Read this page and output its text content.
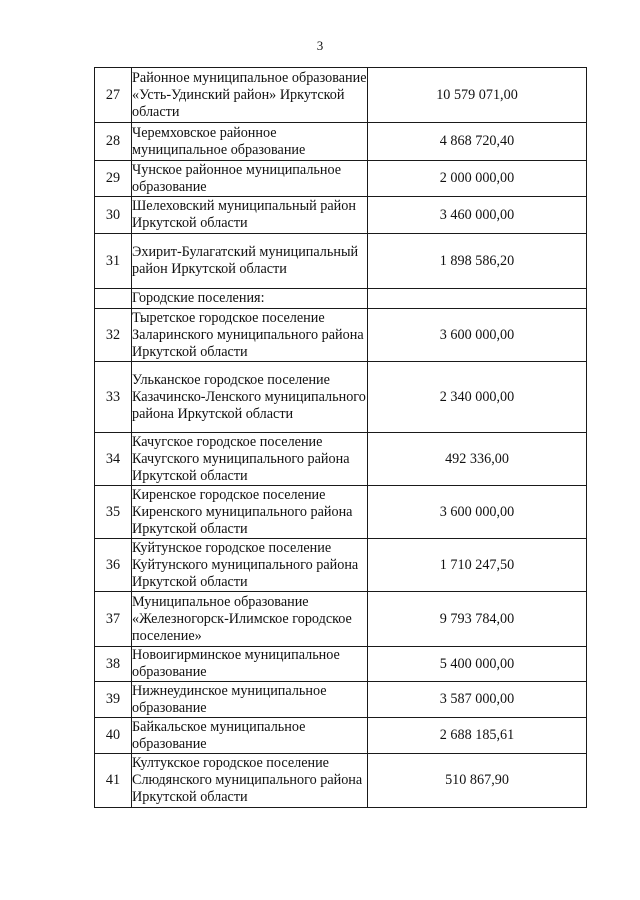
3
27	Районное муниципальное образование «Усть-Удинский район» Иркутской области	10 579 071,00
28	Черемховское районное муниципальное образование	4 868 720,40
29	Чунское районное муниципальное образование	2 000 000,00
30	Шелеховский муниципальный район Иркутской области	3 460 000,00
31	Эхирит-Булагатский муниципальный район Иркутской области	1 898 586,20
	Городские поселения:	
32	Тыретское городское поселение Заларинского муниципального района Иркутской области	3 600 000,00
33	Ульканское городское поселение Казачинско-Ленского муниципального района Иркутской области	2 340 000,00
34	Качугское городское поселение Качугского муниципального района Иркутской области	492 336,00
35	Киренское городское поселение Киренского муниципального района Иркутской области	3 600 000,00
36	Куйтунское городское поселение Куйтунского муниципального района Иркутской области	1 710 247,50
37	Муниципальное образование «Железногорск-Илимское городское поселение»	9 793 784,00
38	Новоигирминское муниципальное образование	5 400 000,00
39	Нижнеудинское муниципальное образование	3 587 000,00
40	Байкальское муниципальное образование	2 688 185,61
41	Култукское городское поселение Слюдянского муниципального района Иркутской области	510 867,90
